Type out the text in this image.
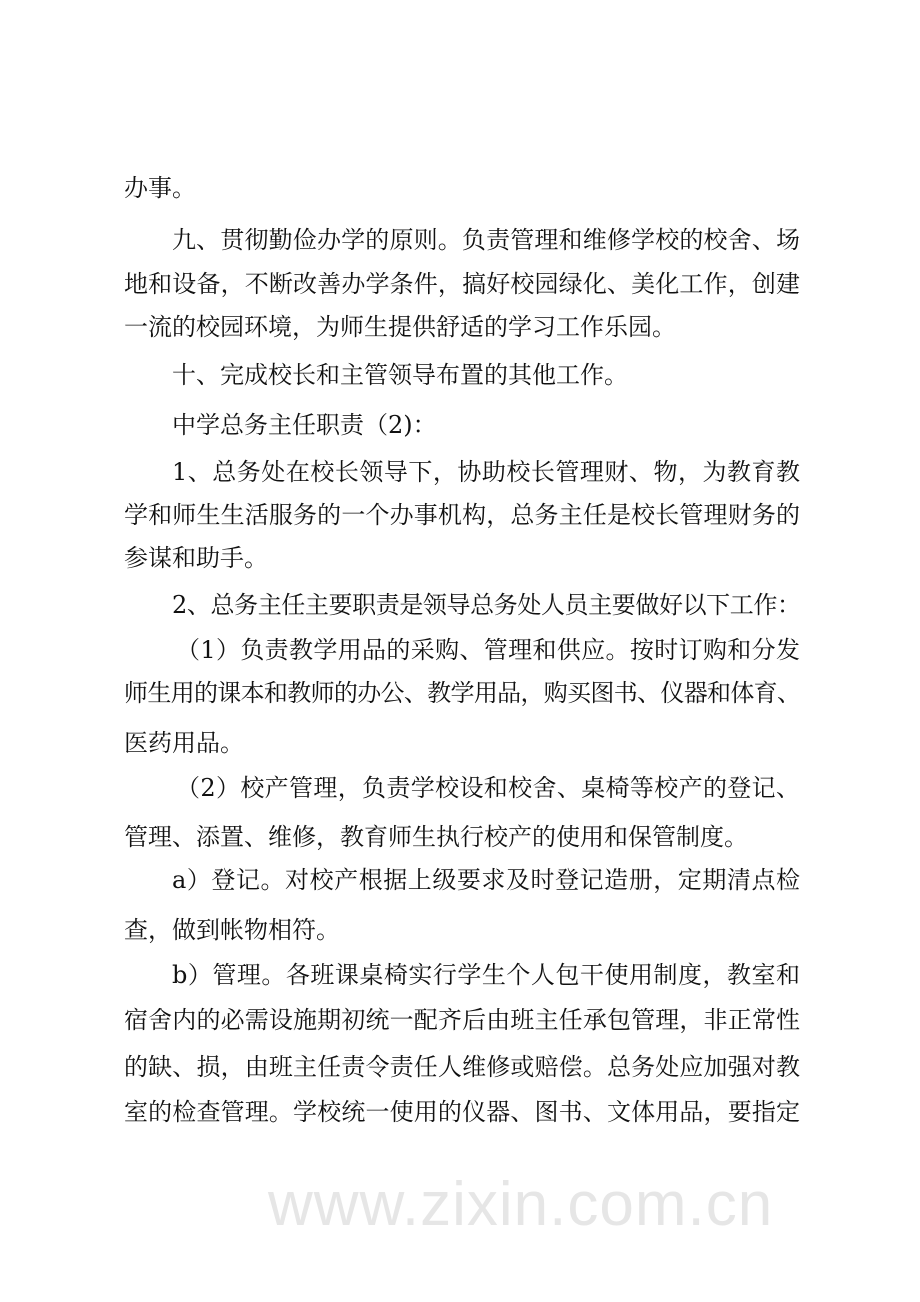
www.zixin.com.cn
办事。
九、贯彻勤俭办学的原则。负责管理和维修学校的校舍、场
地和设备，不断改善办学条件，搞好校园绿化、美化工作，创建
一流的校园环境，为师生提供舒适的学习工作乐园。
十、完成校长和主管领导布置的其他工作。
中学总务主任职责（2)：
1、总务处在校长领导下，协助校长管理财、物，为教育教
学和师生生活服务的一个办事机构，总务主任是校长管理财务的
参谋和助手。
2、总务主任主要职责是领导总务处人员主要做好以下工作：
（1）负责教学用品的采购、管理和供应。按时订购和分发
师生用的课本和教师的办公、教学用品，购买图书、仪器和体育、
医药用品。
（2）校产管理，负责学校设和校舍、桌椅等校产的登记、
管理、添置、维修，教育师生执行校产的使用和保管制度。
a）登记。对校产根据上级要求及时登记造册，定期清点检
查，做到帐物相符。
b）管理。各班课桌椅实行学生个人包干使用制度，教室和
宿舍内的必需设施期初统一配齐后由班主任承包管理，非正常性
的缺、损，由班主任责令责任人维修或赔偿。总务处应加强对教
室的检查管理。学校统一使用的仪器、图书、文体用品，要指定
